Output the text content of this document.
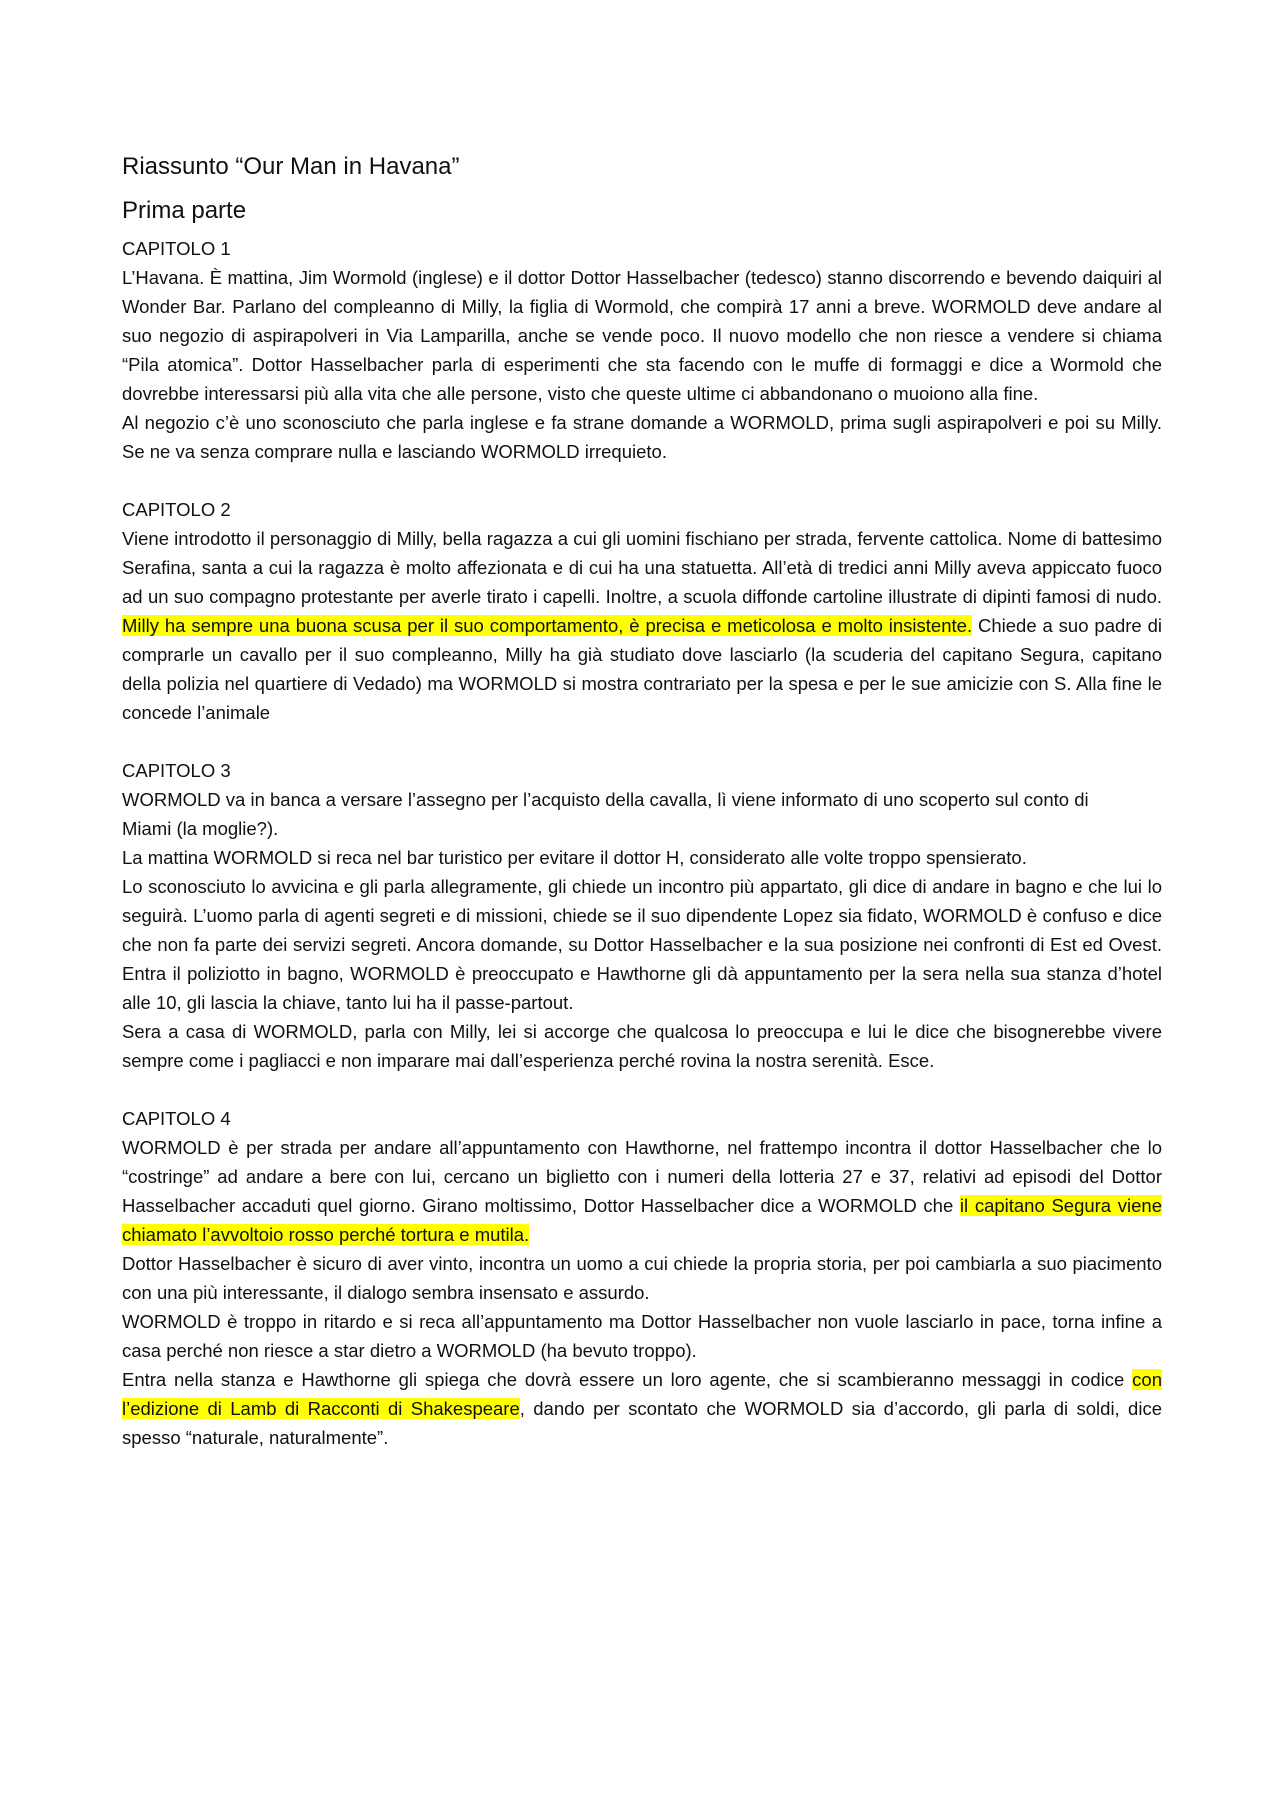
Riassunto “Our Man in Havana”
Prima parte
CAPITOLO 1

L’Havana. È mattina, Jim Wormold (inglese) e il dottor Dottor Hasselbacher (tedesco) stanno discorrendo e bevendo daiquiri al Wonder Bar. Parlano del compleanno di Milly, la figlia di Wormold, che compirà 17 anni a breve. WORMOLD deve andare al suo negozio di aspirapolveri in Via Lamparilla, anche se vende poco. Il nuovo modello che non riesce a vendere si chiama “Pila atomica”. Dottor Hasselbacher parla di esperimenti che sta facendo con le muffe di formaggi e dice a Wormold che dovrebbe interessarsi più alla vita che alle persone, visto che queste ultime ci abbandonano o muoiono alla fine.

Al negozio c’è uno sconosciuto che parla inglese e fa strane domande a WORMOLD, prima sugli aspirapolveri e poi su Milly. Se ne va senza comprare nulla e lasciando WORMOLD irrequieto.

CAPITOLO 2

Viene introdotto il personaggio di Milly, bella ragazza a cui gli uomini fischiano per strada, fervente cattolica. Nome di battesimo Serafina, santa a cui la ragazza è molto affezionata e di cui ha una statuetta. All’età di tredici anni Milly aveva appiccato fuoco ad un suo compagno protestante per averle tirato i capelli. Inoltre, a scuola diffonde cartoline illustrate di dipinti famosi di nudo. Milly ha sempre una buona scusa per il suo comportamento, è precisa e meticolosa e molto insistente. Chiede a suo padre di comprarle un cavallo per il suo compleanno, Milly ha già studiato dove lasciarlo (la scuderia del capitano Segura, capitano della polizia nel quartiere di Vedado) ma WORMOLD si mostra contrariato per la spesa e per le sue amicizie con S. Alla fine le concede l’animale

CAPITOLO 3

WORMOLD va in banca a versare l’assegno per l’acquisto della cavalla, lì viene informato di uno scoperto sul conto di Miami (la moglie?).

La mattina WORMOLD si reca nel bar turistico per evitare il dottor H, considerato alle volte troppo spensierato.

Lo sconosciuto lo avvicina e gli parla allegramente, gli chiede un incontro più appartato, gli dice di andare in bagno e che lui lo seguirà. L’uomo parla di agenti segreti e di missioni, chiede se il suo dipendente Lopez sia fidato, WORMOLD è confuso e dice che non fa parte dei servizi segreti. Ancora domande, su Dottor Hasselbacher e la sua posizione nei confronti di Est ed Ovest. Entra il poliziotto in bagno, WORMOLD è preoccupato e Hawthorne gli dà appuntamento per la sera nella sua stanza d’hotel alle 10, gli lascia la chiave, tanto lui ha il passe-partout.

Sera a casa di WORMOLD, parla con Milly, lei si accorge che qualcosa lo preoccupa e lui le dice che bisognerebbe vivere sempre come i pagliacci e non imparare mai dall’esperienza perché rovina la nostra serenità. Esce.

CAPITOLO 4

WORMOLD è per strada per andare all’appuntamento con Hawthorne, nel frattempo incontra il dottor Hasselbacher che lo “costringe” ad andare a bere con lui, cercano un biglietto con i numeri della lotteria 27 e 37, relativi ad episodi del Dottor Hasselbacher accaduti quel giorno. Girano moltissimo, Dottor Hasselbacher dice a WORMOLD che il capitano Segura viene chiamato l’avvoltoio rosso perché tortura e mutila.

Dottor Hasselbacher è sicuro di aver vinto, incontra un uomo a cui chiede la propria storia, per poi cambiarla a suo piacimento con una più interessante, il dialogo sembra insensato e assurdo.

WORMOLD è troppo in ritardo e si reca all’appuntamento ma Dottor Hasselbacher non vuole lasciarlo in pace, torna infine a casa perché non riesce a star dietro a WORMOLD (ha bevuto troppo).

Entra nella stanza e Hawthorne gli spiega che dovrà essere un loro agente, che si scambieranno messaggi in codice con l’edizione di Lamb di Racconti di Shakespeare, dando per scontato che WORMOLD sia d’accordo, gli parla di soldi, dice spesso “naturale, naturalmente”.
